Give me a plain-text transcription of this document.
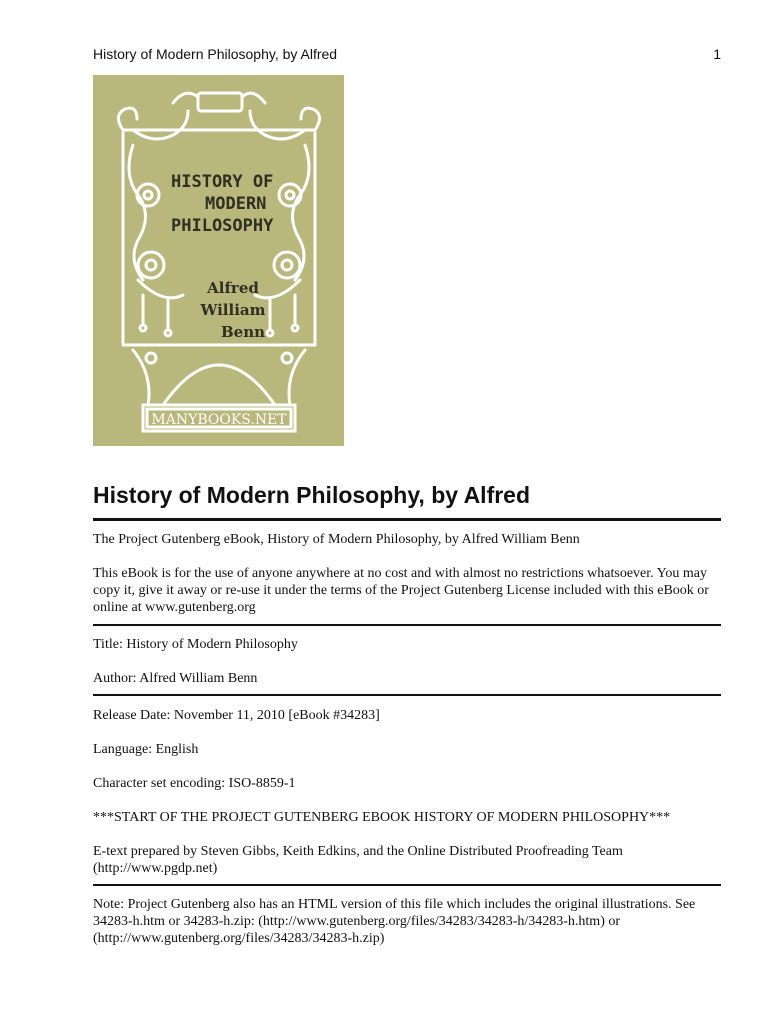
History of Modern Philosophy, by Alfred	1
HISTORY OF
MODERN
PHILOSOPHY
Alfred
William
Benn
MANYBOOKS.NET
History of Modern Philosophy, by Alfred

The Project Gutenberg eBook, History of Modern Philosophy, by Alfred William Benn

This eBook is for the use of anyone anywhere at no cost and with almost no restrictions whatsoever. You may
copy it, give it away or re-use it under the terms of the Project Gutenberg License included with this eBook or
online at www.gutenberg.org

Title: History of Modern Philosophy

Author: Alfred William Benn

Release Date: November 11, 2010 [eBook #34283]

Language: English

Character set encoding: ISO-8859-1

***START OF THE PROJECT GUTENBERG EBOOK HISTORY OF MODERN PHILOSOPHY***

E-text prepared by Steven Gibbs, Keith Edkins, and the Online Distributed Proofreading Team
(http://www.pgdp.net)

Note: Project Gutenberg also has an HTML version of this file which includes the original illustrations. See
34283-h.htm or 34283-h.zip: (http://www.gutenberg.org/files/34283/34283-h/34283-h.htm) or
(http://www.gutenberg.org/files/34283/34283-h.zip)
